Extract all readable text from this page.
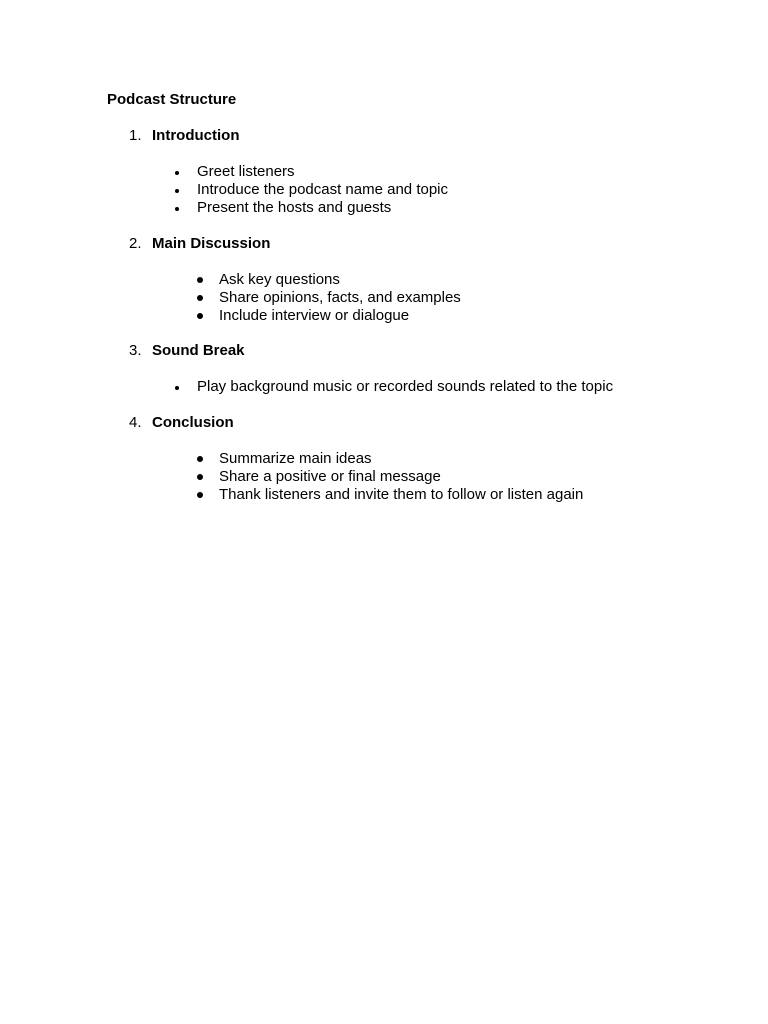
Podcast Structure

1. Introduction

Greet listeners
Introduce the podcast name and topic
Present the hosts and guests

2. Main Discussion

Ask key questions
Share opinions, facts, and examples
Include interview or dialogue

3. Sound Break

Play background music or recorded sounds related to the topic

4. Conclusion

Summarize main ideas
Share a positive or final message
Thank listeners and invite them to follow or listen again
